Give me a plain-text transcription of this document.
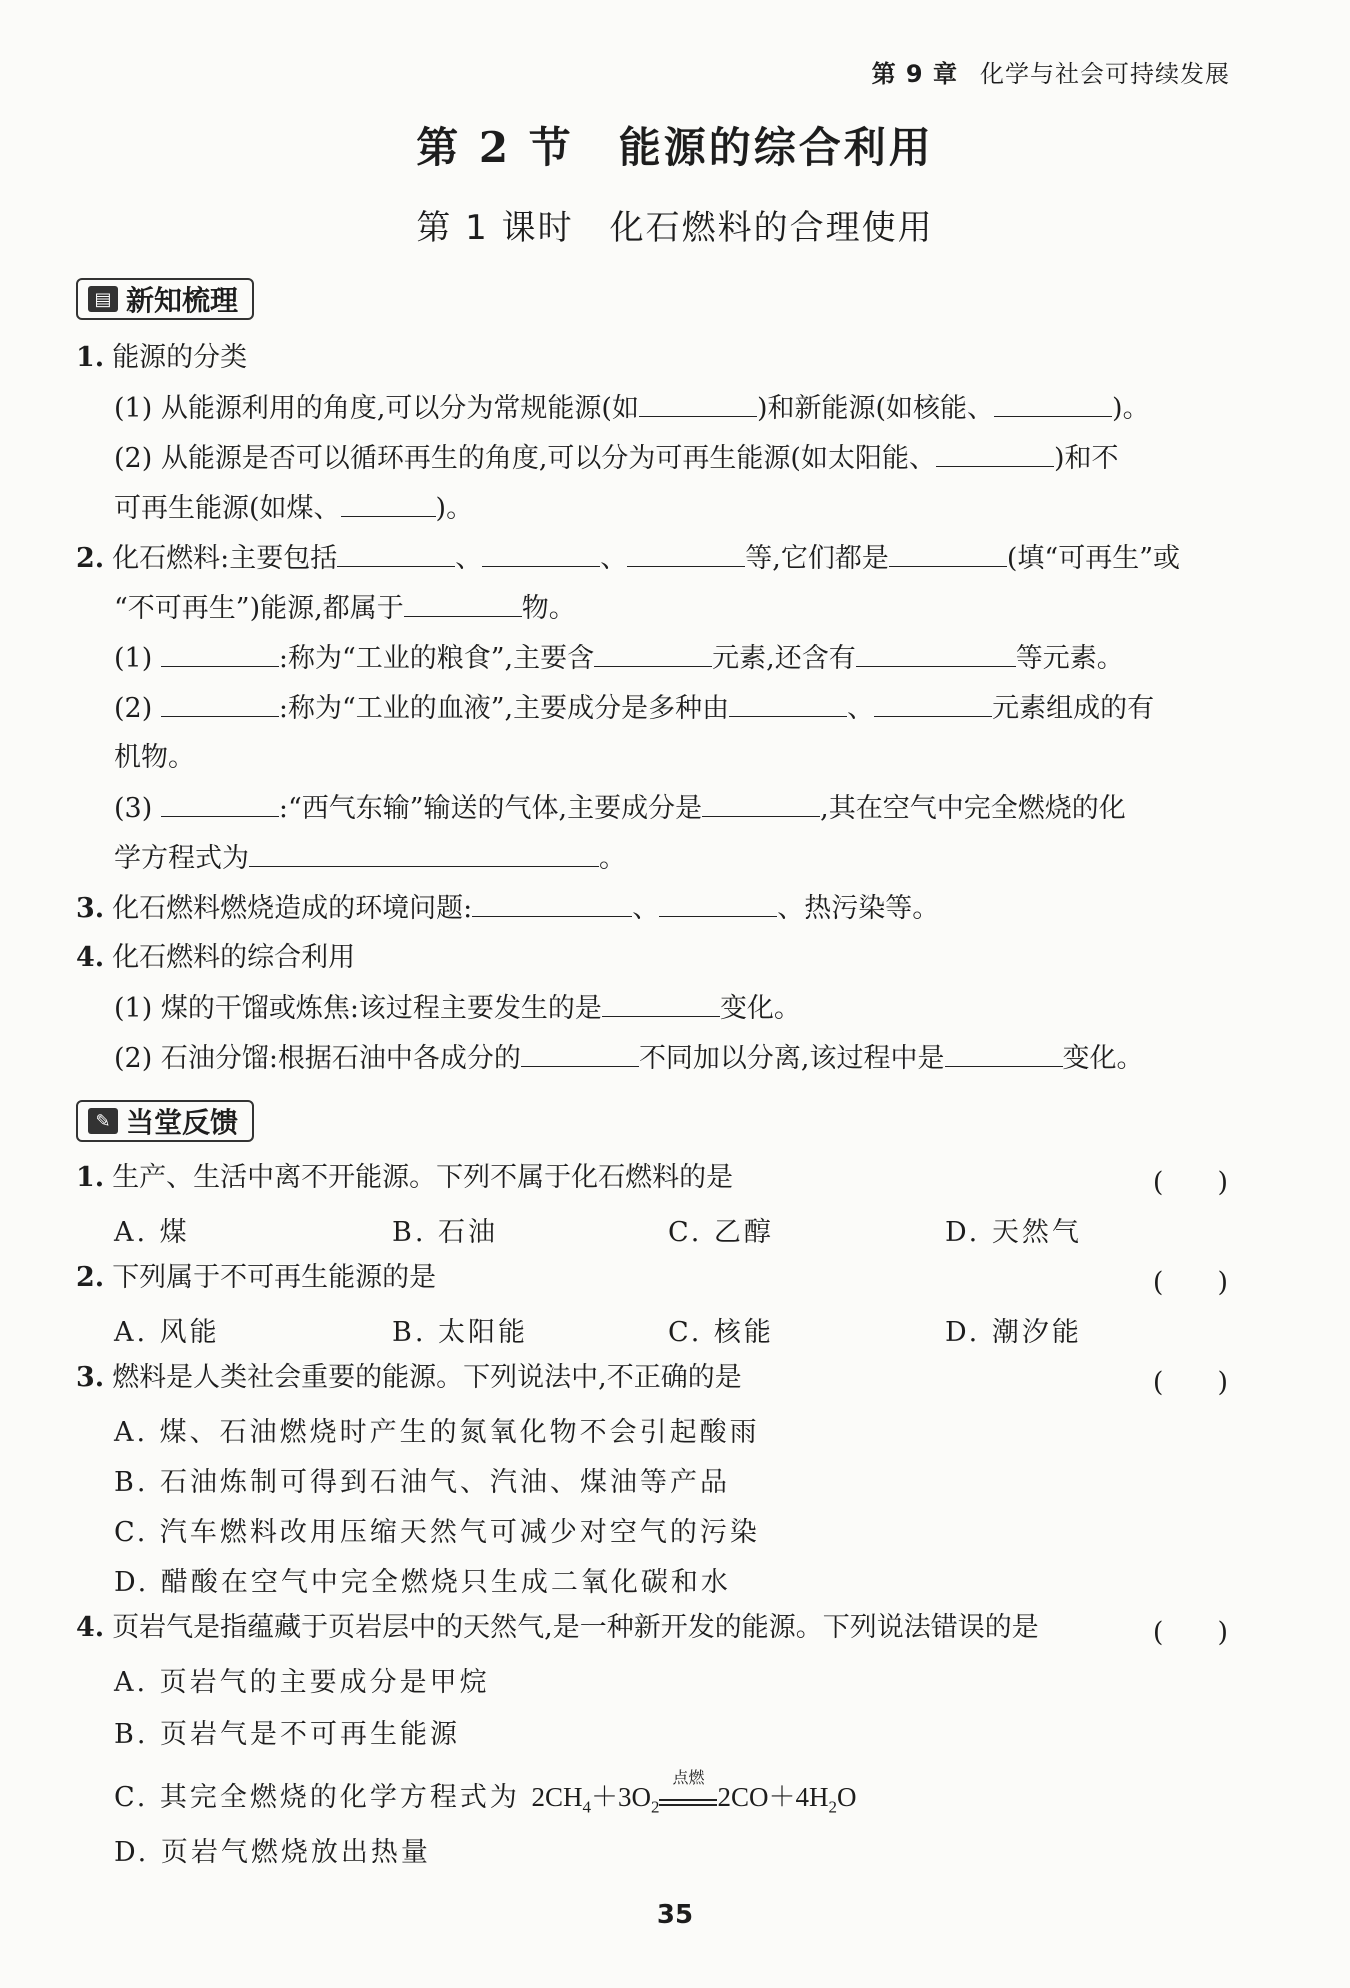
第 9 章 化学与社会可持续发展
第 2 节　能源的综合利用
第 1 课时　化石燃料的合理使用
▤ 新知梳理
1. 能源的分类
(1) 从能源利用的角度,可以分为常规能源(如	)和新能源(如核能、	)。
(2) 从能源是否可以循环再生的角度,可以分为可再生能源(如太阳能、	)和不
可再生能源(如煤、	)。
2. 化石燃料:主要包括	、	、	等,它们都是	(填“可再生”或
“不可再生”)能源,都属于	物。
(1)	:称为“工业的粮食”,主要含	元素,还含有	等元素。
(2)	:称为“工业的血液”,主要成分是多种由	、	元素组成的有
机物。
(3)	:“西气东输”输送的气体,主要成分是	,其在空气中完全燃烧的化
学方程式为	。
3. 化石燃料燃烧造成的环境问题:	、	、热污染等。
4. 化石燃料的综合利用
(1) 煤的干馏或炼焦:该过程主要发生的是	变化。
(2) 石油分馏:根据石油中各成分的	不同加以分离,该过程中是	变化。
✎ 当堂反馈
1. 生产、生活中离不开能源。下列不属于化石燃料的是	(　　)
A. 煤	B. 石油	C. 乙醇	D. 天然气
2. 下列属于不可再生能源的是	(　　)
A. 风能	B. 太阳能	C. 核能	D. 潮汐能
3. 燃料是人类社会重要的能源。下列说法中,不正确的是	(　　)
A. 煤、石油燃烧时产生的氮氧化物不会引起酸雨
B. 石油炼制可得到石油气、汽油、煤油等产品
C. 汽车燃料改用压缩天然气可减少对空气的污染
D. 醋酸在空气中完全燃烧只生成二氧化碳和水
4. 页岩气是指蕴藏于页岩层中的天然气,是一种新开发的能源。下列说法错误的是	(　　)
A. 页岩气的主要成分是甲烷
B. 页岩气是不可再生能源
C. 其完全燃烧的化学方程式为 $2CH_4+3O_2$
点燃
$2CO+4H_2O$
D. 页岩气燃烧放出热量
35
